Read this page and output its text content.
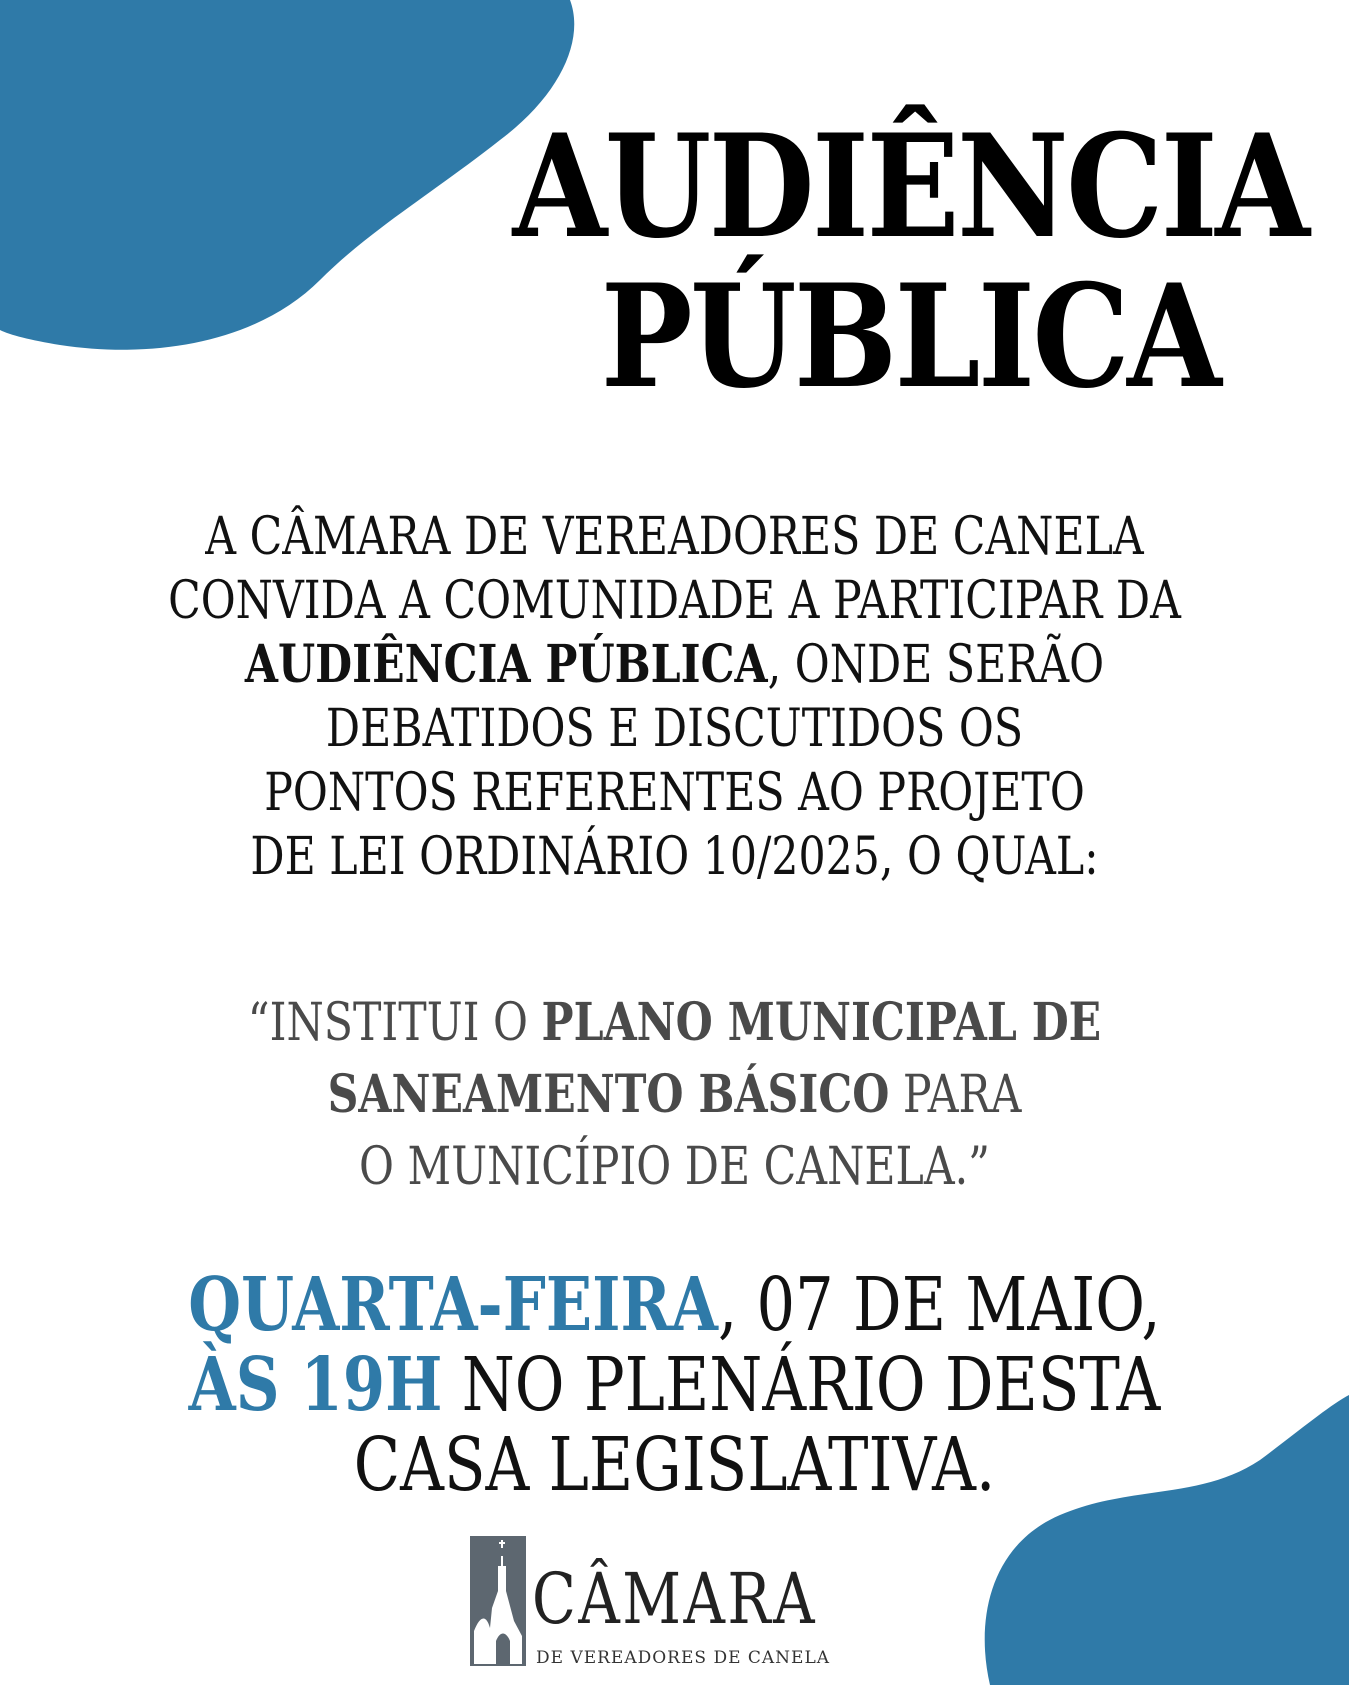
AUDIÊNCIA
PÚBLICA
A CÂMARA DE VEREADORES DE CANELA
CONVIDA A COMUNIDADE A PARTICIPAR DA
AUDIÊNCIA PÚBLICA, ONDE SERÃO
DEBATIDOS E DISCUTIDOS OS
PONTOS REFERENTES AO PROJETO
DE LEI ORDINÁRIO 10/2025, O QUAL:
“INSTITUI O PLANO MUNICIPAL DE
SANEAMENTO BÁSICO PARA
O MUNICÍPIO DE CANELA.”
QUARTA-FEIRA, 07 DE MAIO,
ÀS 19H NO PLENÁRIO DESTA
CASA LEGISLATIVA.
CÂMARA
DE VEREADORES DE CANELA
